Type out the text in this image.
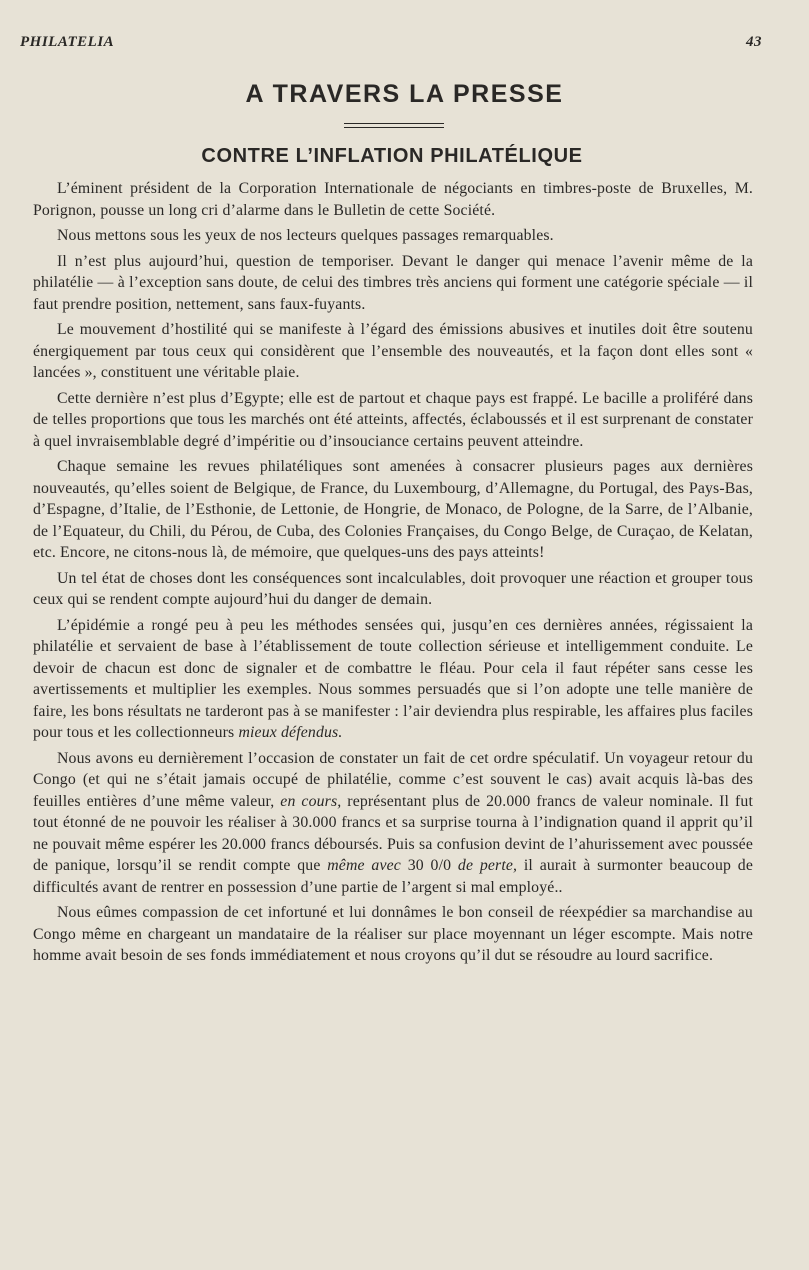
PHILATELIA	43
A TRAVERS LA PRESSE
CONTRE L’INFLATION PHILATÉLIQUE

L’éminent président de la Corporation Internationale de négociants en timbres-poste de Bruxelles, M. Porignon, pousse un long cri d’alarme dans le Bulletin de cette Société.

Nous mettons sous les yeux de nos lecteurs quelques passages remarquables.

Il n’est plus aujourd’hui, question de temporiser. Devant le danger qui menace l’avenir même de la philatélie — à l’exception sans doute, de celui des timbres très anciens qui forment une catégorie spéciale — il faut prendre position, nettement, sans faux-fuyants.

Le mouvement d’hostilité qui se manifeste à l’égard des émissions abusives et inutiles doit être soutenu énergiquement par tous ceux qui considèrent que l’ensemble des nouveautés, et la façon dont elles sont « lancées », constituent une véritable plaie.

Cette dernière n’est plus d’Egypte; elle est de partout et chaque pays est frappé. Le bacille a proliféré dans de telles proportions que tous les marchés ont été atteints, affectés, éclaboussés et il est surprenant de constater à quel invraisemblable degré d’impéritie ou d’insouciance certains peuvent atteindre.

Chaque semaine les revues philatéliques sont amenées à consacrer plusieurs pages aux dernières nouveautés, qu’elles soient de Belgique, de France, du Luxembourg, d’Allemagne, du Portugal, des Pays-Bas, d’Espagne, d’Italie, de l’Esthonie, de Lettonie, de Hongrie, de Monaco, de Pologne, de la Sarre, de l’Albanie, de l’Equateur, du Chili, du Pérou, de Cuba, des Colonies Françaises, du Congo Belge, de Curaçao, de Kelatan, etc. Encore, ne citons-nous là, de mémoire, que quelques-uns des pays atteints!

Un tel état de choses dont les conséquences sont incalculables, doit provoquer une réaction et grouper tous ceux qui se rendent compte aujourd’hui du danger de demain.

L’épidémie a rongé peu à peu les méthodes sensées qui, jusqu’en ces dernières années, régissaient la philatélie et servaient de base à l’établissement de toute collection sérieuse et intelligemment conduite. Le devoir de chacun est donc de signaler et de combattre le fléau. Pour cela il faut répéter sans cesse les avertissements et multiplier les exemples. Nous sommes persuadés que si l’on adopte une telle manière de faire, les bons résultats ne tarderont pas à se manifester : l’air deviendra plus respirable, les affaires plus faciles pour tous et les collectionneurs mieux défendus.

Nous avons eu dernièrement l’occasion de constater un fait de cet ordre spéculatif. Un voyageur retour du Congo (et qui ne s’était jamais occupé de philatélie, comme c’est souvent le cas) avait acquis là-bas des feuilles entières d’une même valeur, en cours, représentant plus de 20.000 francs de valeur nominale. Il fut tout étonné de ne pouvoir les réaliser à 30.000 francs et sa surprise tourna à l’indignation quand il apprit qu’il ne pouvait même espérer les 20.000 francs déboursés. Puis sa confusion devint de l’ahurissement avec poussée de panique, lorsqu’il se rendit compte que même avec 30 0/0 de perte, il aurait à surmonter beaucoup de difficultés avant de rentrer en possession d’une partie de l’argent si mal employé..

Nous eûmes compassion de cet infortuné et lui donnâmes le bon conseil de réexpédier sa marchandise au Congo même en chargeant un mandataire de la réaliser sur place moyennant un léger escompte. Mais notre homme avait besoin de ses fonds immédiatement et nous croyons qu’il dut se résoudre au lourd sacrifice.
